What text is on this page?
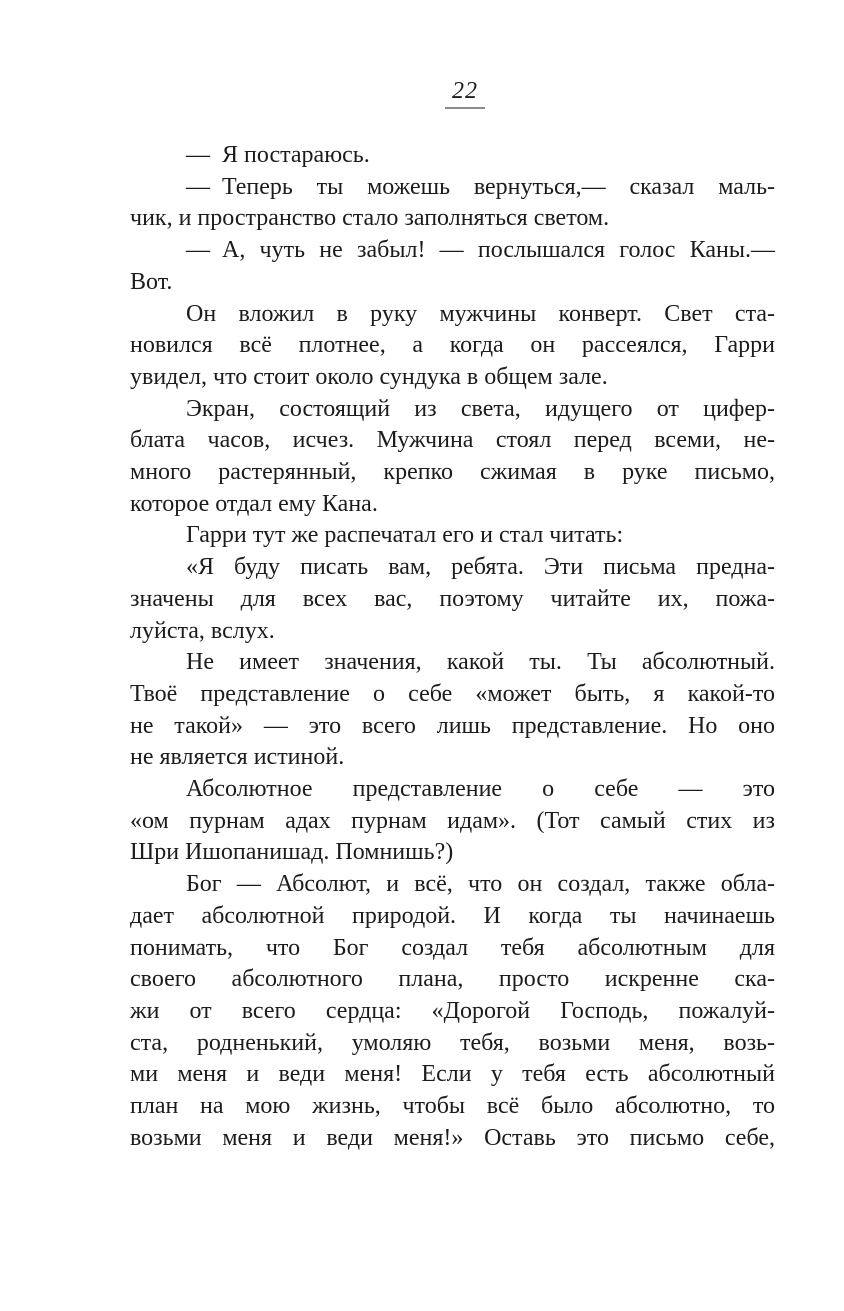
22
— Я постараюсь.
— Теперь ты можешь вернуться,— сказал маль-
чик, и пространство стало заполняться светом.
— А, чуть не забыл! — послышался голос Каны.—
Вот.
Он вложил в руку мужчины конверт. Свет ста-
новился всё плотнее, а когда он рассеялся, Гарри
увидел, что стоит около сундука в общем зале.
Экран, состоящий из света, идущего от цифер-
блата часов, исчез. Мужчина стоял перед всеми, не-
много растерянный, крепко сжимая в руке письмо,
которое отдал ему Кана.
Гарри тут же распечатал его и стал читать:
«Я буду писать вам, ребята. Эти письма предна-
значены для всех вас, поэтому читайте их, пожа-
луйста, вслух.
Не имеет значения, какой ты. Ты абсолютный.
Твоё представление о себе «может быть, я какой-то
не такой» — это всего лишь представление. Но оно
не является истиной.
Абсолютное представление о себе — это
«ом пурнам адах пурнам идам». (Тот самый стих из
Шри Ишопанишад. Помнишь?)
Бог — Абсолют, и всё, что он создал, также обла-
дает абсолютной природой. И когда ты начинаешь
понимать, что Бог создал тебя абсолютным для
своего абсолютного плана, просто искренне ска-
жи от всего сердца: «Дорогой Господь, пожалуй-
ста, родненький, умоляю тебя, возьми меня, возь-
ми меня и веди меня! Если у тебя есть абсолютный
план на мою жизнь, чтобы всё было абсолютно, то
возьми меня и веди меня!» Оставь это письмо себе,
